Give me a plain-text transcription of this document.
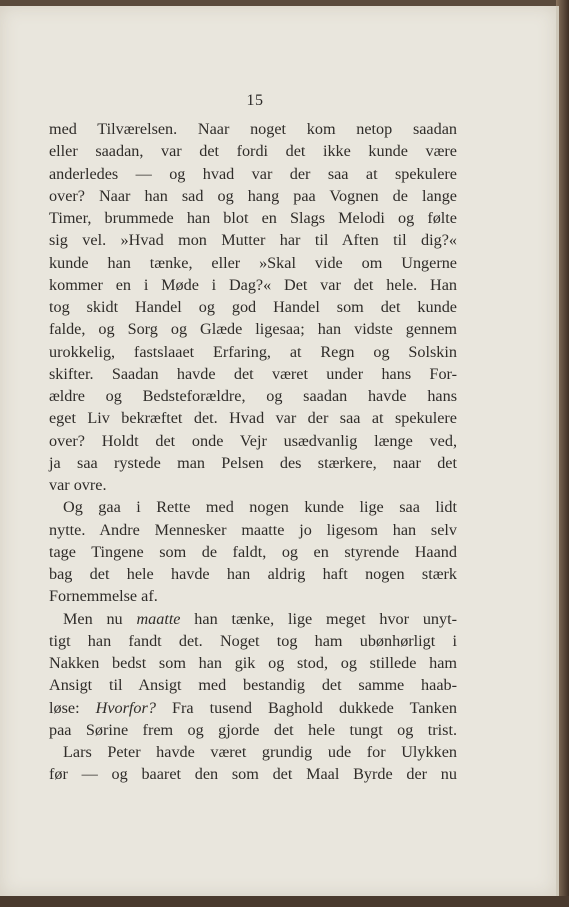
15
med Tilværelsen. Naar noget kom netop saadan
eller saadan, var det fordi det ikke kunde være
anderledes — og hvad var der saa at spekulere
over? Naar han sad og hang paa Vognen de lange
Timer, brummede han blot en Slags Melodi og følte
sig vel. »Hvad mon Mutter har til Aften til dig?«
kunde han tænke, eller »Skal vide om Ungerne
kommer en i Møde i Dag?« Det var det hele. Han
tog skidt Handel og god Handel som det kunde
falde, og Sorg og Glæde ligesaa; han vidste gennem
urokkelig, fastslaaet Erfaring, at Regn og Solskin
skifter. Saadan havde det været under hans For-
ældre og Bedsteforældre, og saadan havde hans
eget Liv bekræftet det. Hvad var der saa at spekulere
over? Holdt det onde Vejr usædvanlig længe ved,
ja saa rystede man Pelsen des stærkere, naar det
var ovre.
Og gaa i Rette med nogen kunde lige saa lidt
nytte. Andre Mennesker maatte jo ligesom han selv
tage Tingene som de faldt, og en styrende Haand
bag det hele havde han aldrig haft nogen stærk
Fornemmelse af.
Men nu maatte han tænke, lige meget hvor unyt-
tigt han fandt det. Noget tog ham ubønhørligt i
Nakken bedst som han gik og stod, og stillede ham
Ansigt til Ansigt med bestandig det samme haab-
løse: Hvorfor? Fra tusend Baghold dukkede Tanken
paa Sørine frem og gjorde det hele tungt og trist.
Lars Peter havde været grundig ude for Ulykken
før — og baaret den som det Maal Byrde der nu
